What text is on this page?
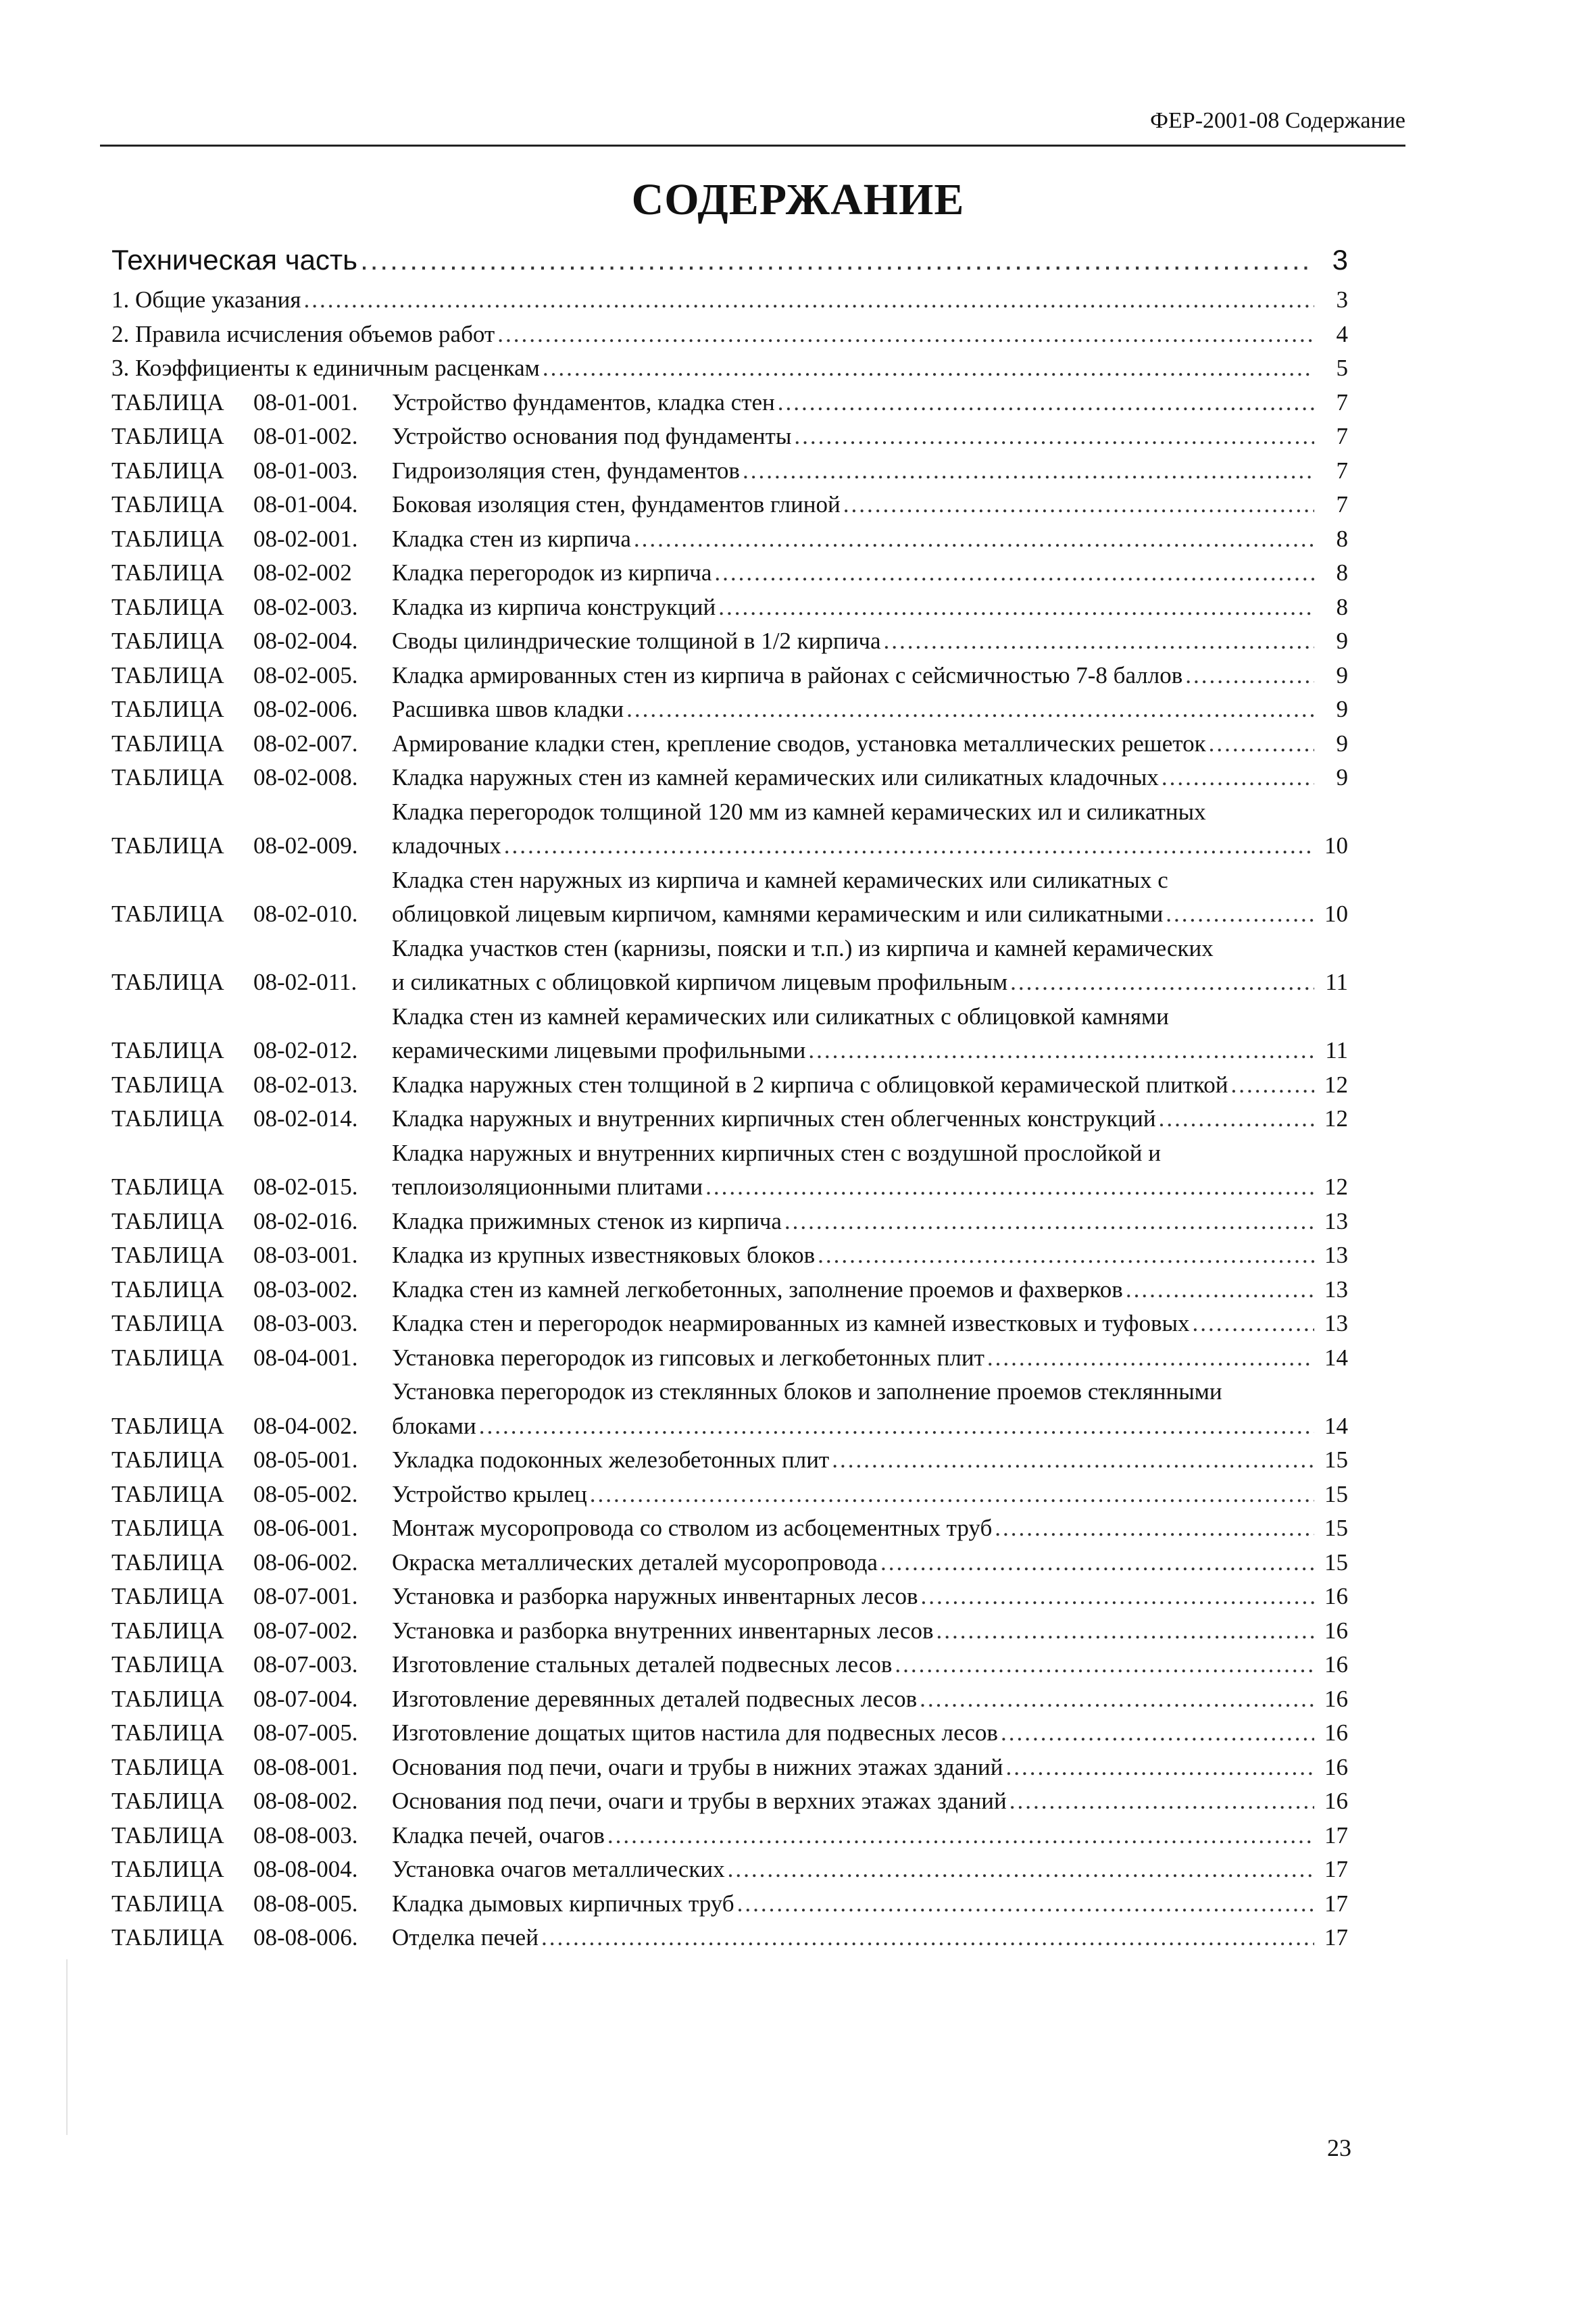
ФЕР-2001-08 Содержание
СОДЕРЖАНИЕ
Техническая часть .....	3
1. Общие указания .....	3
2. Правила исчисления объемов работ .....	4
3. Коэффициенты к единичным расценкам .....	5
ТАБЛИЦА	08-01-001.	Устройство фундаментов, кладка стен .....	7
ТАБЛИЦА	08-01-002.	Устройство основания под фундаменты .....	7
ТАБЛИЦА	08-01-003.	Гидроизоляция стен, фундаментов .....	7
ТАБЛИЦА	08-01-004.	Боковая изоляция стен, фундаментов глиной .....	7
ТАБЛИЦА	08-02-001.	Кладка стен из кирпича .....	8
ТАБЛИЦА	08-02-002	Кладка перегородок из кирпича .....	8
ТАБЛИЦА	08-02-003.	Кладка из кирпича конструкций .....	8
ТАБЛИЦА	08-02-004.	Своды цилиндрические толщиной в 1/2 кирпича .....	9
ТАБЛИЦА	08-02-005.	Кладка армированных стен из кирпича в районах с сейсмичностью 7-8 баллов .....	9
ТАБЛИЦА	08-02-006.	Расшивка швов кладки .....	9
ТАБЛИЦА	08-02-007.	Армирование кладки стен, крепление сводов, установка металлических решеток .....	9
ТАБЛИЦА	08-02-008.	Кладка наружных стен из камней керамических или силикатных кладочных .....	9
ТАБЛИЦА	08-02-009.
Кладка перегородок толщиной 120 мм из камней керамических ил и силикатных
кладочных .....	10
ТАБЛИЦА	08-02-010.
Кладка стен наружных из кирпича и камней керамических или силикатных с
облицовкой лицевым кирпичом, камнями керамическим и или силикатными .....	10
ТАБЛИЦА	08-02-011.
Кладка участков стен (карнизы, пояски и т.п.) из кирпича и камней керамических
и силикатных с облицовкой кирпичом лицевым профильным .....	11
ТАБЛИЦА	08-02-012.
Кладка стен из камней керамических или силикатных с облицовкой камнями
керамическими лицевыми профильными .....	11
ТАБЛИЦА	08-02-013.	Кладка наружных стен толщиной в 2 кирпича с облицовкой керамической плиткой .....	12
ТАБЛИЦА	08-02-014.	Кладка наружных и внутренних кирпичных стен облегченных конструкций .....	12
ТАБЛИЦА	08-02-015.
Кладка наружных и внутренних кирпичных стен с воздушной прослойкой и
теплоизоляционными плитами .....	12
ТАБЛИЦА	08-02-016.	Кладка прижимных стенок из кирпича .....	13
ТАБЛИЦА	08-03-001.	Кладка из крупных известняковых блоков .....	13
ТАБЛИЦА	08-03-002.	Кладка стен из камней легкобетонных, заполнение проемов и фахверков .....	13
ТАБЛИЦА	08-03-003.	Кладка стен и перегородок неармированных из камней известковых и туфовых .....	13
ТАБЛИЦА	08-04-001.	Установка перегородок из гипсовых и легкобетонных плит .....	14
ТАБЛИЦА	08-04-002.
Установка перегородок из стеклянных блоков и заполнение проемов стеклянными
блоками .....	14
ТАБЛИЦА	08-05-001.	Укладка подоконных железобетонных плит .....	15
ТАБЛИЦА	08-05-002.	Устройство крылец .....	15
ТАБЛИЦА	08-06-001.	Монтаж мусоропровода со стволом из асбоцементных труб .....	15
ТАБЛИЦА	08-06-002.	Окраска металлических деталей мусоропровода .....	15
ТАБЛИЦА	08-07-001.	Установка и разборка наружных инвентарных лесов .....	16
ТАБЛИЦА	08-07-002.	Установка и разборка внутренних инвентарных лесов .....	16
ТАБЛИЦА	08-07-003.	Изготовление стальных деталей подвесных лесов .....	16
ТАБЛИЦА	08-07-004.	Изготовление деревянных деталей подвесных лесов .....	16
ТАБЛИЦА	08-07-005.	Изготовление дощатых щитов настила для подвесных лесов .....	16
ТАБЛИЦА	08-08-001.	Основания под печи, очаги и трубы в нижних этажах зданий .....	16
ТАБЛИЦА	08-08-002.	Основания под печи, очаги и трубы в верхних этажах зданий .....	16
ТАБЛИЦА	08-08-003.	Кладка печей, очагов .....	17
ТАБЛИЦА	08-08-004.	Установка очагов металлических .....	17
ТАБЛИЦА	08-08-005.	Кладка дымовых кирпичных труб .....	17
ТАБЛИЦА	08-08-006.	Отделка печей .....	17
23
